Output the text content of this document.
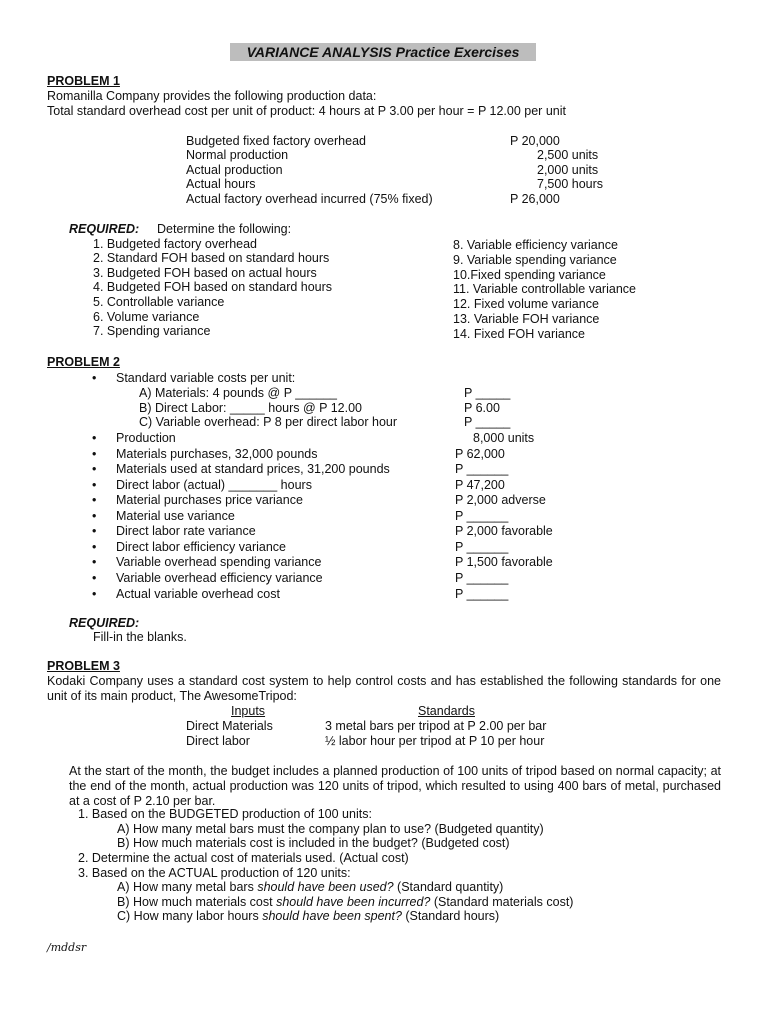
VARIANCE ANALYSIS Practice Exercises
PROBLEM 1
Romanilla Company provides the following production data:
Total standard overhead cost per unit of product: 4 hours at P 3.00 per hour = P 12.00 per unit
Budgeted fixed factory overhead	P 20,000
Normal production	2,500 units
Actual production	2,000 units
Actual hours	7,500 hours
Actual factory overhead incurred (75% fixed)	P 26,000
REQUIRED: Determine the following:
1. Budgeted factory overhead
2. Standard FOH based on standard hours
3. Budgeted FOH based on actual hours
4. Budgeted FOH based on standard hours
5. Controllable variance
6. Volume variance
7. Spending variance
8. Variable efficiency variance
9. Variable spending variance
10.Fixed spending variance
11. Variable controllable variance
12. Fixed volume variance
13. Variable FOH variance
14. Fixed FOH variance
PROBLEM 2
• Standard variable costs per unit:
A) Materials: 4 pounds @ P ______	P _____
B) Direct Labor: _____ hours @ P 12.00	P 6.00
C) Variable overhead: P 8 per direct labor hour	P _____
• Production	8,000 units
• Materials purchases, 32,000 pounds	P 62,000
• Materials used at standard prices, 31,200 pounds	P ______
• Direct labor (actual) _______ hours	P 47,200
• Material purchases price variance	P 2,000 adverse
• Material use variance	P ______
• Direct labor rate variance	P 2,000 favorable
• Direct labor efficiency variance	P ______
• Variable overhead spending variance	P 1,500 favorable
• Variable overhead efficiency variance	P ______
• Actual variable overhead cost	P ______
REQUIRED:
Fill-in the blanks.
PROBLEM 3
Kodaki Company uses a standard cost system to help control costs and has established the following standards for one unit of its main product, The AwesomeTripod:
Inputs	Standards
Direct Materials	3 metal bars per tripod at P 2.00 per bar
Direct labor	½ labor hour per tripod at P 10 per hour
At the start of the month, the budget includes a planned production of 100 units of tripod based on normal capacity; at the end of the month, actual production was 120 units of tripod, which resulted to using 400 bars of metal, purchased at a cost of P 2.10 per bar.
1. Based on the BUDGETED production of 100 units:
A) How many metal bars must the company plan to use? (Budgeted quantity)
B) How much materials cost is included in the budget? (Budgeted cost)
2. Determine the actual cost of materials used. (Actual cost)
3. Based on the ACTUAL production of 120 units:
A) How many metal bars should have been used? (Standard quantity)
B) How much materials cost should have been incurred? (Standard materials cost)
C) How many labor hours should have been spent? (Standard hours)
/mddsr
